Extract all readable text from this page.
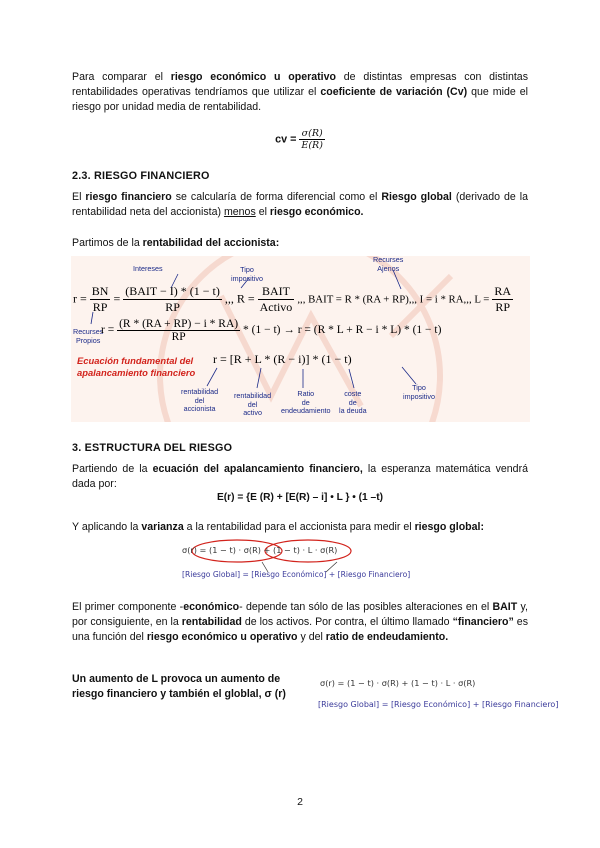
Para comparar el riesgo económico u operativo de distintas empresas con distintas rentabilidades operativas tendríamos que utilizar el coeficiente de variación (Cv) que mide el riesgo por unidad media de rentabilidad.
cv = $\frac{\sigma(R)}{E(R)}$
2.3. RIESGO FINANCIERO
El riesgo financiero se calcularía de forma diferencial como el Riesgo global (derivado de la rentabilidad neta del accionista) menos el riesgo económico.
Partimos de la rentabilidad del accionista:
Intereses	Tipo
impositivo
Recurses
Ajenos
$r = \frac{BN}{RP} = \frac{\text{(BAIT − I) * (1 − t)}}{RP}$ ,,, $R = \frac{\text{BAIT}}{\text{Activo}}$ ,,, BAIT = R * (RA + RP),,, I = i * RA,,, $L = \frac{RA}{RP}$
Recurses
Propios
$r = \frac{(R * (RA + RP) - i * RA)}{RP} * (1 - t) \to r = (R * L + R - i * L) * (1 - t)$
Ecuación fundamental del apalancamiento financiero
r = [R + L * (R − i)] * (1 − t)
rentabilidad
del
accionista
rentabilidad
del
activo
Ratio
de
endeudamiento
coste
de
la deuda
Tipo
impositivo
3. ESTRUCTURA DEL RIESGO
Partiendo de la ecuación del apalancamiento financiero, la esperanza matemática vendrá dada por:
E(r) = {E (R) + [E(R) – i] • L } • (1 –t)
Y aplicando la varianza a la rentabilidad para el accionista para medir el riesgo global:
σ(r) = (1 − t) · σ(R) + (1 − t) · L · σ(R)
[Riesgo Global] = [Riesgo Económico] + [Riesgo Financiero]
El primer componente -económico- depende tan sólo de las posibles alteraciones en el BAIT y, por consiguiente, en la rentabilidad de los activos. Por contra, el último llamado “financiero” es una función del riesgo económico u operativo y del ratio de endeudamiento.
Un aumento de L provoca un aumento de riesgo financiero y también el globlal, σ (r)
σ(r) = (1 − t) · σ(R) + (1 − t) · L · σ(R)
[Riesgo Global] = [Riesgo Económico] + [Riesgo Financiero]
2
